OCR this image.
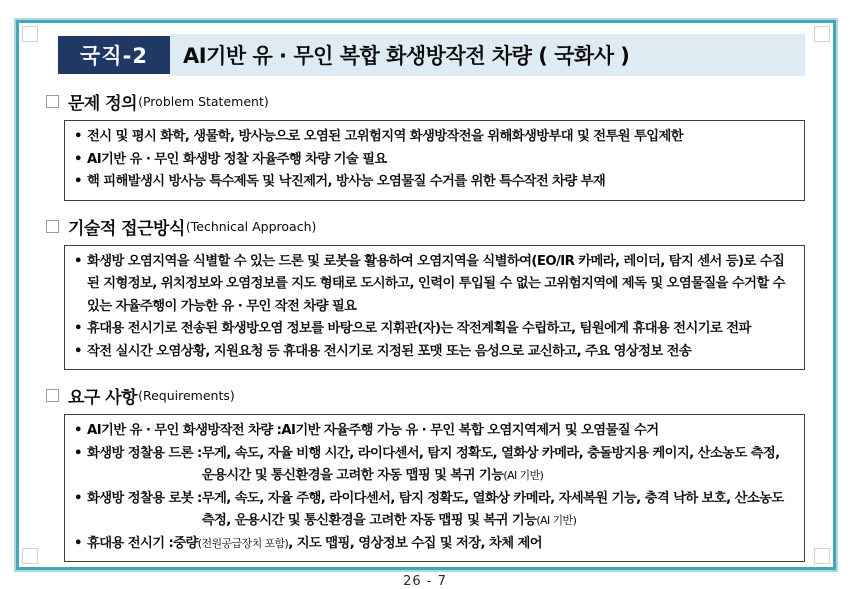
국직-2	AI기반 유 · 무인 복합 화생방작전 차량 ( 국화사 )
문제 정의 (Problem Statement)
• 전시 및 평시 화학, 생물학, 방사능으로 오염된 고위험지역 화생방작전을 위해화생방부대 및 전투원 투입제한
• AI기반 유 · 무인 화생방 정찰 자율주행 차량 기술 필요
• 핵 피해발생시 방사능 특수제독 및 낙진제거, 방사능 오염물질 수거를 위한 특수작전 차량 부재
기술적 접근방식 (Technical Approach)
• 화생방 오염지역을 식별할 수 있는 드론 및 로봇을 활용하여 오염지역을 식별하여(EO/IR 카메라, 레이더, 탐지 센서 등)로 수집된 지형정보, 위치정보와 오염정보를 지도 형태로 도시하고, 인력이 투입될 수 없는 고위험지역에 제독 및 오염물질을 수거할 수 있는 자율주행이 가능한 유 · 무인 작전 차량 필요
• 휴대용 전시기로 전송된 화생방오염 정보를 바탕으로 지휘관(자)는 작전계획을 수립하고, 팀원에게 휴대용 전시기로 전파
• 작전 실시간 오염상황, 지원요청 등 휴대용 전시기로 지정된 포맷 또는 음성으로 교신하고, 주요 영상정보 전송
요구 사항 (Requirements)
• AI기반 유 · 무인 화생방작전 차량 : AI기반 자율주행 가능 유 · 무인 복합 오염지역제거 및 오염물질 수거
• 화생방 정찰용 드론 : 무게, 속도, 자율 비행 시간, 라이다센서, 탐지 정확도, 열화상 카메라, 충돌방지용 케이지, 산소농도 측정, 운용시간 및 통신환경을 고려한 자동 맵핑 및 복귀 기능(AI 기반)
• 화생방 정찰용 로봇 : 무게, 속도, 자율 주행, 라이다센서, 탐지 정확도, 열화상 카메라, 자세복원 기능, 충격 낙하 보호, 산소농도 측정, 운용시간 및 통신환경을 고려한 자동 맵핑 및 복귀 기능(AI 기반)
• 휴대용 전시기 : 중량(전원공급장치 포함), 지도 맵핑, 영상정보 수집 및 저장, 차체 제어
26 - 7
